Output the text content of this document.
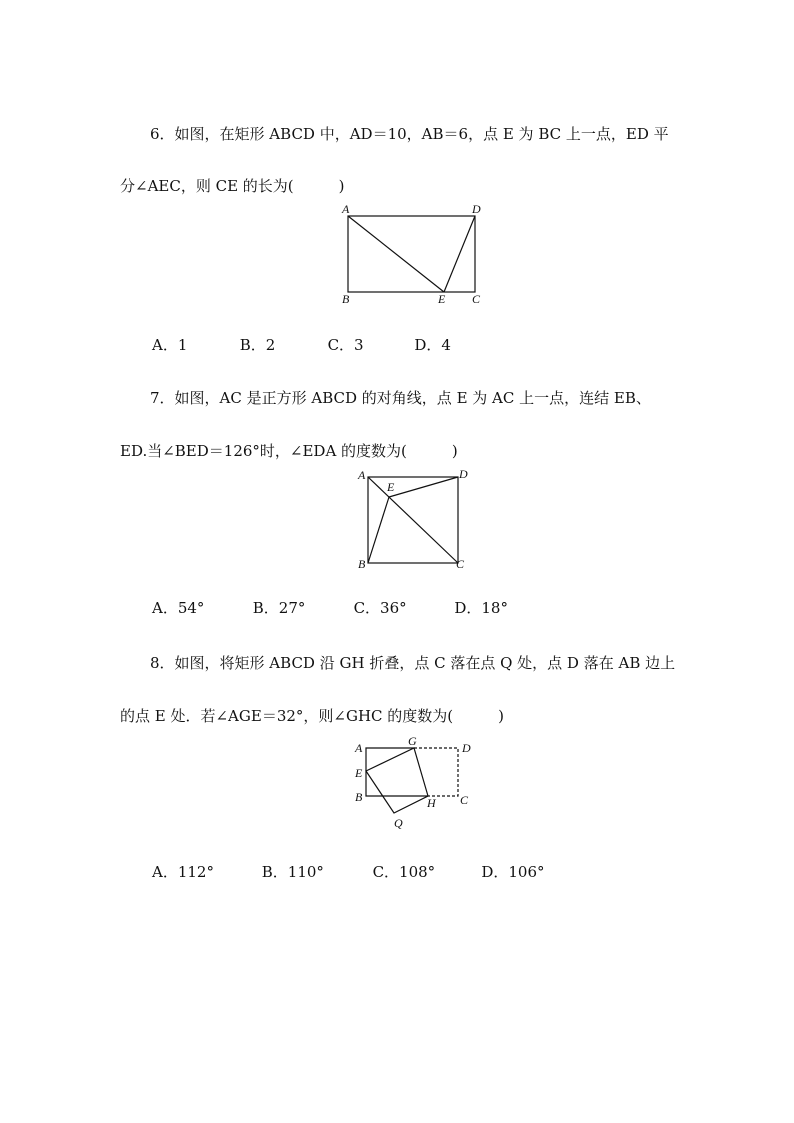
6．如图，在矩形 ABCD 中，AD＝10，AB＝6，点 E 为 BC 上一点，ED 平
分∠AEC，则 CE 的长为(　　　)
A	D
B	E C
A．1	B．2	C．3	D．4
7．如图，AC 是正方形 ABCD 的对角线，点 E 为 AC 上一点，连结 EB、
ED.当∠BED＝126°时，∠EDA 的度数为(　　　)
A	D
E
B	C
A．54°	B．27°	C．36°	D．18°
8．如图，将矩形 ABCD 沿 GH 折叠，点 C 落在点 Q 处，点 D 落在 AB 边上
的点 E 处．若∠AGE＝32°，则∠GHC 的度数为(　　　)
A	G	D
E
B	H C
Q
A．112°	B．110°	C．108°	D．106°
